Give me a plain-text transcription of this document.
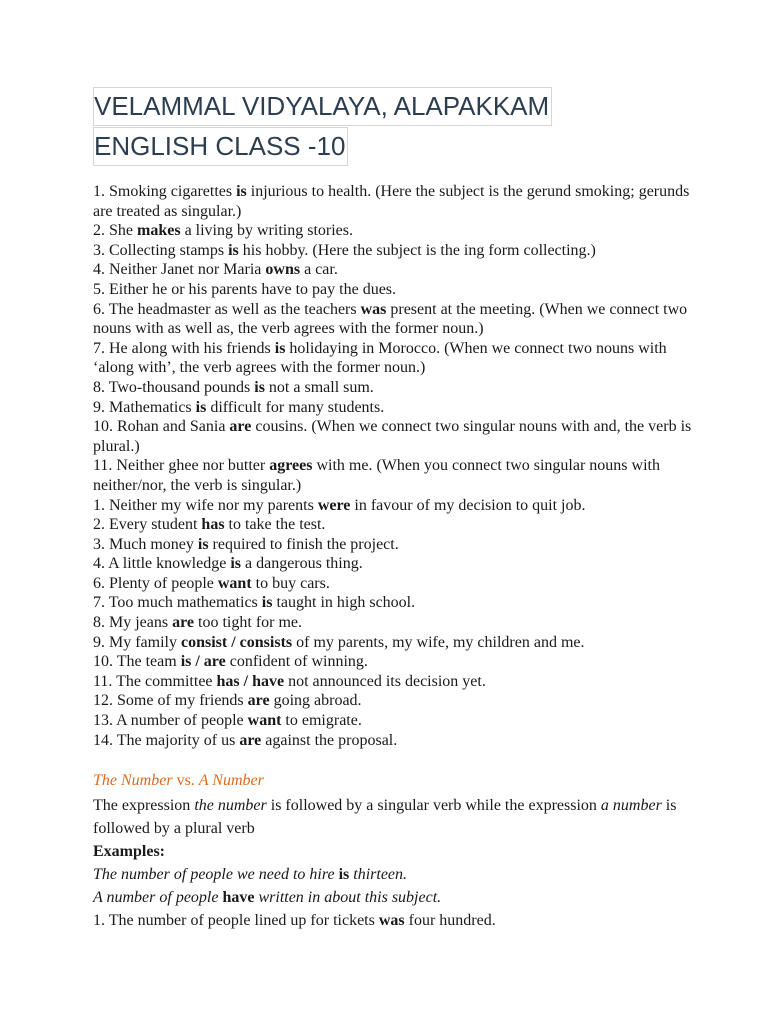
VELAMMAL VIDYALAYA, ALAPAKKAM
ENGLISH CLASS -10
1. Smoking cigarettes is injurious to health. (Here the subject is the gerund smoking; gerunds are treated as singular.)
2. She makes a living by writing stories.
3. Collecting stamps is his hobby. (Here the subject is the ing form collecting.)
4. Neither Janet nor Maria owns a car.
5. Either he or his parents have to pay the dues.
6. The headmaster as well as the teachers was present at the meeting. (When we connect two nouns with as well as, the verb agrees with the former noun.)
7. He along with his friends is holidaying in Morocco. (When we connect two nouns with ‘along with’, the verb agrees with the former noun.)
8. Two-thousand pounds is not a small sum.
9. Mathematics is difficult for many students.
10. Rohan and Sania are cousins. (When we connect two singular nouns with and, the verb is plural.)
11. Neither ghee nor butter agrees with me. (When you connect two singular nouns with neither/nor, the verb is singular.)
1. Neither my wife nor my parents were in favour of my decision to quit job.
2. Every student has to take the test.
3. Much money is required to finish the project.
4. A little knowledge is a dangerous thing.
6. Plenty of people want to buy cars.
7. Too much mathematics is taught in high school.
8. My jeans are too tight for me.
9. My family consist / consists of my parents, my wife, my children and me.
10. The team is / are confident of winning.
11. The committee has / have not announced its decision yet.
12. Some of my friends are going abroad.
13. A number of people want to emigrate.
14. The majority of us are against the proposal.
The Number vs. A Number
The expression the number is followed by a singular verb while the expression a number is followed by a plural verb
Examples:
The number of people we need to hire is thirteen.
A number of people have written in about this subject.
1. The number of people lined up for tickets was four hundred.
